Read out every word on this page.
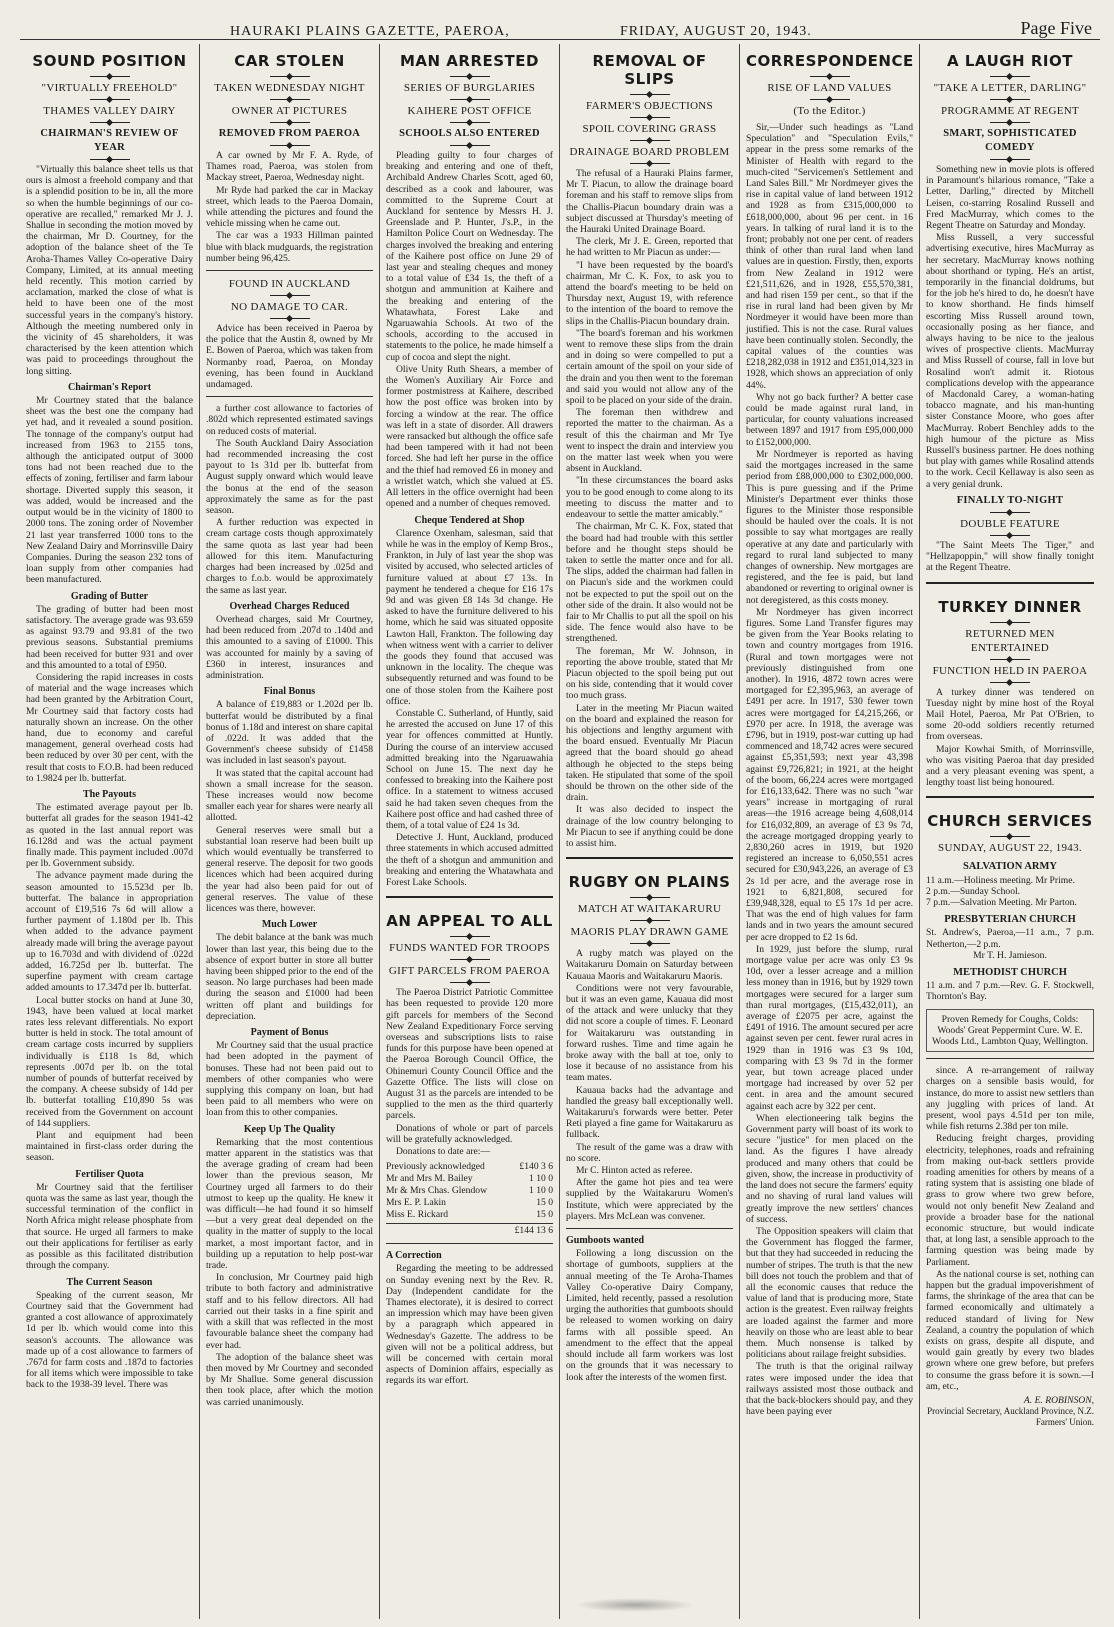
HAURAKI PLAINS GAZETTE, PAEROA,	FRIDAY, AUGUST 20, 1943.	Page Five
SOUND POSITION
"VIRTUALLY FREEHOLD"
THAMES VALLEY DAIRY
CHAIRMAN'S REVIEW OF YEAR

"Virtually this balance sheet tells us that ours is almost a freehold company and that is a splendid position to be in, all the more so when the humble beginnings of our co-operative are recalled," remarked Mr J. J. Shallue in seconding the motion moved by the chairman, Mr D. Courtney, for the adoption of the balance sheet of the Te Aroha-Thames Valley Co-operative Dairy Company, Limited, at its annual meeting held recently. This motion carried by acclamation, marked the close of what is held to have been one of the most successful years in the company's history. Although the meeting numbered only in the vicinity of 45 shareholders, it was characterised by the keen attention which was paid to proceedings throughout the long sitting.

Chairman's Report

Mr Courtney stated that the balance sheet was the best one the company had yet had, and it revealed a sound position. The tonnage of the company's output had increased from 1963 to 2155 tons, although the anticipated output of 3000 tons had not been reached due to the effects of zoning, fertiliser and farm labour shortage. Diverted supply this season, it was added, would be increased and the output would be in the vicinity of 1800 to 2000 tons. The zoning order of November 21 last year transferred 1000 tons to the New Zealand Dairy and Morrinsville Dairy Companies. During the season 232 tons of loan supply from other companies had been manufactured.

Grading of Butter

The grading of butter had been most satisfactory. The average grade was 93.659 as against 93.79 and 93.81 of the two previous seasons. Substantial premiums had been received for butter 931 and over and this amounted to a total of £950.

Considering the rapid increases in costs of material and the wage increases which had been granted by the Arbitration Court, Mr Courtney said that factory costs had naturally shown an increase. On the other hand, due to economy and careful management, general overhead costs had been reduced by over 30 per cent, with the result that costs to F.O.B. had been reduced to 1.9824 per lb. butterfat.

The Payouts

The estimated average payout per lb. butterfat all grades for the season 1941-42 as quoted in the last annual report was 16.128d and was the actual payment finally made. This payment included .007d per lb. Government subsidy.

The advance payment made during the season amounted to 15.523d per lb. butterfat. The balance in appropriation account of £19,516 7s 6d will allow a further payment of 1.180d per lb. This when added to the advance payment already made will bring the average payout up to 16.703d and with dividend of .022d added, 16.725d per lb. butterfat. The superfine payment with cream cartage added amounts to 17.347d per lb. butterfat.

Local butter stocks on hand at June 30, 1943, have been valued at local market rates less relevant differentials. No export butter is held in stock. The total amount of cream cartage costs incurred by suppliers individually is £118 1s 8d, which represents .007d per lb. on the total number of pounds of butterfat received by the company. A cheese subsidy of 14d per lb. butterfat totalling £10,890 5s was received from the Government on account of 144 suppliers.

Plant and equipment had been maintained in first-class order during the season.

Fertiliser Quota

Mr Courtney said that the fertiliser quota was the same as last year, though the successful termination of the conflict in North Africa might release phosphate from that source. He urged all farmers to make out their applications for fertiliser as early as possible as this facilitated distribution through the company.

The Current Season

Speaking of the current season, Mr Courtney said that the Government had granted a cost allowance of approximately 1d per lb. which would come into this season's accounts. The allowance was made up of a cost allowance to farmers of .767d for farm costs and .187d to factories for all items which were impossible to take back to the 1938-39 level. There was

CAR STOLEN
TAKEN WEDNESDAY NIGHT
OWNER AT PICTURES
REMOVED FROM PAEROA

A car owned by Mr F. A. Ryde, of Thames road, Paeroa, was stolen from Mackay street, Paeroa, Wednesday night.

Mr Ryde had parked the car in Mackay street, which leads to the Paeroa Domain, while attending the pictures and found the vehicle missing when he came out.

The car was a 1933 Hillman painted blue with black mudguards, the registration number being 96,425.

FOUND IN AUCKLAND
NO DAMAGE TO CAR.

Advice has been received in Paeroa by the police that the Austin 8, owned by Mr E. Bowen of Paeroa, which was taken from Normanby road, Paeroa, on Monday evening, has been found in Auckland undamaged.

a further cost allowance to factories of .802d which represented estimated savings on reduced costs of material.

The South Auckland Dairy Association had recommended increasing the cost payout to 1s 31d per lb. butterfat from August supply onward which would leave the bonus at the end of the season approximately the same as for the past season.

A further reduction was expected in cream cartage costs though approximately the same quota as last year had been allowed for this item. Manufacturing charges had been increased by .025d and charges to f.o.b. would be approximately the same as last year.

Overhead Charges Reduced

Overhead charges, said Mr Courtney, had been reduced from .207d to .140d and this amounted to a saving of £1000. This was accounted for mainly by a saving of £360 in interest, insurances and administration.

Final Bonus

A balance of £19,883 or 1.202d per lb. butterfat would be distributed by a final bonus of 1.18d and interest on share capital of .022d. It was added that the Government's cheese subsidy of £1458 was included in last season's payout.

It was stated that the capital account had shown a small increase for the season. These increases would now become smaller each year for shares were nearly all allotted.

General reserves were small but a substantial loan reserve had been built up which would eventually be transferred to general reserve. The deposit for two goods licences which had been acquired during the year had also been paid for out of general reserves. The value of these licences was there, however.

Much Lower

The debit balance at the bank was much lower than last year, this being due to the absence of export butter in store all butter having been shipped prior to the end of the season. No large purchases had been made during the season and £1000 had been written off plant and buildings for depreciation.

Payment of Bonus

Mr Courtney said that the usual practice had been adopted in the payment of bonuses. These had not been paid out to members of other companies who were supplying this company on loan, but had been paid to all members who were on loan from this to other companies.

Keep Up The Quality

Remarking that the most contentious matter apparent in the statistics was that the average grading of cream had been lower than the previous season, Mr Courtney urged all farmers to do their utmost to keep up the quality. He knew it was difficult—he had found it so himself—but a very great deal depended on the quality in the matter of supply to the local market, a most important factor, and in building up a reputation to help post-war trade.

In conclusion, Mr Courtney paid high tribute to both factory and administrative staff and to his fellow directors. All had carried out their tasks in a fine spirit and with a skill that was reflected in the most favourable balance sheet the company had ever had.

The adoption of the balance sheet was then moved by Mr Courtney and seconded by Mr Shallue. Some general discussion then took place, after which the motion was carried unanimously.

MAN ARRESTED
SERIES OF BURGLARIES
KAIHERE POST OFFICE
SCHOOLS ALSO ENTERED

Pleading guilty to four charges of breaking and entering and one of theft, Archibald Andrew Charles Scott, aged 60, described as a cook and labourer, was committed to the Supreme Court at Auckland for sentence by Messrs H. J. Greenslade and P. Hunter, J's.P., in the Hamilton Police Court on Wednesday. The charges involved the breaking and entering of the Kaihere post office on June 29 of last year and stealing cheques and money to a total value of £34 1s, the theft of a shotgun and ammunition at Kaihere and the breaking and entering of the Whatawhata, Forest Lake and Ngaruawahia Schools. At two of the schools, according to the accused in statements to the police, he made himself a cup of cocoa and slept the night.

Olive Unity Ruth Shears, a member of the Women's Auxiliary Air Force and former postmistress at Kaihere, described how the post office was broken into by forcing a window at the rear. The office was left in a state of disorder. All drawers were ransacked but although the office safe had been tampered with it had not been forced. She had left her purse in the office and the thief had removed £6 in money and a wristlet watch, which she valued at £5. All letters in the office overnight had been opened and a number of cheques removed.

Cheque Tendered at Shop

Clarence Oxenham, salesman, said that while he was in the employ of Kemp Bros., Frankton, in July of last year the shop was visited by accused, who selected articles of furniture valued at about £7 13s. In payment he tendered a cheque for £16 17s 9d and was given £8 14s 3d change. He asked to have the furniture delivered to his home, which he said was situated opposite Lawton Hall, Frankton. The following day when witness went with a carrier to deliver the goods they found that accused was unknown in the locality. The cheque was subsequently returned and was found to be one of those stolen from the Kaihere post office.

Constable C. Sutherland, of Huntly, said he arrested the accused on June 17 of this year for offences committed at Huntly. During the course of an interview accused admitted breaking into the Ngaruawahia School on June 15. The next day he confessed to breaking into the Kaihere post office. In a statement to witness accused said he had taken seven cheques from the Kaihere post office and had cashed three of them, of a total value of £24 1s 3d.

Detective J. Hunt, Auckland, produced three statements in which accused admitted the theft of a shotgun and ammunition and breaking and entering the Whatawhata and Forest Lake Schools.

AN APPEAL TO ALL
FUNDS WANTED FOR TROOPS
GIFT PARCELS FROM PAEROA

The Paeroa District Patriotic Committee has been requested to provide 120 more gift parcels for members of the Second New Zealand Expeditionary Force serving overseas and subscriptions lists to raise funds for this purpose have been opened at the Paeroa Borough Council Office, the Ohinemuri County Council Office and the Gazette Office. The lists will close on August 31 as the parcels are intended to be supplied to the men as the third quarterly parcels.

Donations of whole or part of parcels will be gratefully acknowledged.

Donations to date are:—

Previously acknowledged	£140 3 6
Mr and Mrs M. Bailey	1 10 0
Mr & Mrs Chas. Glendow	1 10 0
Mrs E. P. Lakin	15 0
Miss E. Rickard	15 0
£144 13 6
A Correction

Regarding the meeting to be addressed on Sunday evening next by the Rev. R. Day (Independent candidate for the Thames electorate), it is desired to correct an impression which may have been given by a paragraph which appeared in Wednesday's Gazette. The address to be given will not be a political address, but will be concerned with certain moral aspects of Dominion affairs, especially as regards its war effort.

REMOVAL OF SLIPS
FARMER'S OBJECTIONS
SPOIL COVERING GRASS
DRAINAGE BOARD PROBLEM

The refusal of a Hauraki Plains farmer, Mr T. Piacun, to allow the drainage board foreman and his staff to remove slips from the Challis-Piacun boundary drain was a subject discussed at Thursday's meeting of the Hauraki United Drainage Board.

The clerk, Mr J. E. Green, reported that he had written to Mr Piacun as under:—

"I have been requested by the board's chairman, Mr C. K. Fox, to ask you to attend the board's meeting to be held on Thursday next, August 19, with reference to the intention of the board to remove the slips in the Challis-Piacun boundary drain.

"The board's foreman and his workmen went to remove these slips from the drain and in doing so were compelled to put a certain amount of the spoil on your side of the drain and you then went to the foreman and said you would not allow any of the spoil to be placed on your side of the drain.

The foreman then withdrew and reported the matter to the chairman. As a result of this the chairman and Mr Tye went to inspect the drain and interview you on the matter last week when you were absent in Auckland.

"In these circumstances the board asks you to be good enough to come along to its meeting to discuss the matter and to endeavour to settle the matter amicably."

The chairman, Mr C. K. Fox, stated that the board had had trouble with this settler before and he thought steps should be taken to settle the matter once and for all. The slips, added the chairman had fallen in on Piacun's side and the workmen could not be expected to put the spoil out on the other side of the drain. It also would not be fair to Mr Challis to put all the spoil on his side. The fence would also have to be strengthened.

The foreman, Mr W. Johnson, in reporting the above trouble, stated that Mr Piacun objected to the spoil being put out on his side, contending that it would cover too much grass.

Later in the meeting Mr Piacun waited on the board and explained the reason for his objections and lengthy argument with the board ensued. Eventually Mr Piacun agreed that the board should go ahead although he objected to the steps being taken. He stipulated that some of the spoil should be thrown on the other side of the drain.

It was also decided to inspect the drainage of the low country belonging to Mr Piacun to see if anything could be done to assist him.

RUGBY ON PLAINS
MATCH AT WAITAKARURU
MAORIS PLAY DRAWN GAME

A rugby match was played on the Waitakaruru Domain on Saturday between Kauaua Maoris and Waitakaruru Maoris.

Conditions were not very favourable, but it was an even game, Kauaua did most of the attack and were unlucky that they did not score a couple of times. F. Leonard for Waitakaruru was outstanding in forward rushes. Time and time again he broke away with the ball at toe, only to lose it because of no assistance from his team mates.

Kauaua backs had the advantage and handled the greasy ball exceptionally well. Waitakaruru's forwards were better. Peter Reti played a fine game for Waitakaruru as fullback.

The result of the game was a draw with no score.

Mr C. Hinton acted as referee.

After the game hot pies and tea were supplied by the Waitakaruru Women's Institute, which were appreciated by the players. Mrs McLean was convener.

Gumboots wanted

Following a long discussion on the shortage of gumboots, suppliers at the annual meeting of the Te Aroha-Thames Valley Co-operative Dairy Company, Limited, held recently, passed a resolution urging the authorities that gumboots should be released to women working on dairy farms with all possible speed. An amendment to the effect that the appeal should include all farm workers was lost on the grounds that it was necessary to look after the interests of the women first.

CORRESPONDENCE
RISE OF LAND VALUES
(To the Editor.)

Sir,—Under such headings as "Land Speculation" and "Speculation Evils," appear in the press some remarks of the Minister of Health with regard to the much-cited "Servicemen's Settlement and Land Sales Bill." Mr Nordmeyer gives the rise in capital value of land between 1912 and 1928 as from £315,000,000 to £618,000,000, about 96 per cent. in 16 years. In talking of rural land it is to the front; probably not one per cent. of readers think of other than rural land when land values are in question. Firstly, then, exports from New Zealand in 1912 were £21,511,626, and in 1928, £55,570,381, and had risen 159 per cent., so that if the rise in rural land had been given by Mr Nordmeyer it would have been more than justified. This is not the case. Rural values have been continually stolen. Secondly, the capital values of the counties was £218,282,038 in 1912 and £351,014,323 in 1928, which shows an appreciation of only 44%.

Why not go back further? A better case could be made against rural land, in particular, for county valuations increased between 1897 and 1917 from £95,000,000 to £152,000,000.

Mr Nordmeyer is reported as having said the mortgages increased in the same period from £88,000,000 to £302,000,000. This is pure guessing and if the Prime Minister's Department ever thinks those figures to the Minister those responsible should be hauled over the coals. It is not possible to say what mortgages are really operative at any date and particularly with regard to rural land subjected to many changes of ownership. New mortgages are registered, and the fee is paid, but land abandoned or reverting to original owner is not deregistered, as this costs money.

Mr Nordmeyer has given incorrect figures. Some Land Transfer figures may be given from the Year Books relating to town and country mortgages from 1916. (Rural and town mortgages were not previously distinguished from one another). In 1916, 4872 town acres were mortgaged for £2,395,963, an average of £491 per acre. In 1917, 530 fewer town acres were mortgaged for £4,215,266, or £970 per acre. In 1918, the average was £796, but in 1919, post-war cutting up had commenced and 18,742 acres were secured against £5,351,593; next year 43,398 against £9,726,821; in 1921, at the height of the boom, 66,224 acres were mortgaged for £16,133,642. There was no such "war years" increase in mortgaging of rural areas—the 1916 acreage being 4,608,014 for £16,032,809, an average of £3 9s 7d, the acreage mortgaged dropping yearly to 2,830,260 acres in 1919, but 1920 registered an increase to 6,050,551 acres secured for £30,943,226, an average of £3 2s 1d per acre, and the average rose in 1921 to 6,821,808, secured for £39,948,328, equal to £5 17s 1d per acre. That was the end of high values for farm lands and in two years the amount secured per acre dropped to £2 1s 6d.

In 1929, just before the slump, rural mortgage value per acre was only £3 9s 10d, over a lesser acreage and a million less money than in 1916, but by 1929 town mortgages were secured for a larger sum than rural mortgages, (£15,432,011), an average of £2075 per acre, against the £491 of 1916. The amount secured per acre against seven per cent. fewer rural acres in 1929 than in 1916 was £3 9s 10d, comparing with £3 9s 7d in the former year, but town acreage placed under mortgage had increased by over 52 per cent. in area and the amount secured against each acre by 322 per cent.

When electioneering talk begins the Government party will boast of its work to secure "justice" for men placed on the land. As the figures I have already produced and many others that could be given, show, the increase in productivity of the land does not secure the farmers' equity and no shaving of rural land values will greatly improve the new settlers' chances of success.

The Opposition speakers will claim that the Government has flogged the farmer, but that they had succeeded in reducing the number of stripes. The truth is that the new bill does not touch the problem and that of all the economic causes that reduce the value of land that is producing more, State action is the greatest. Even railway freights are loaded against the farmer and more heavily on those who are least able to bear them. Much nonsense is talked by politicians about railage freight subsidies.

The truth is that the original railway rates were imposed under the idea that railways assisted most those outback and that the back-blockers should pay, and they have been paying ever

A LAUGH RIOT
"TAKE A LETTER, DARLING"
PROGRAMME AT REGENT
SMART, SOPHISTICATED COMEDY

Something new in movie plots is offered in Paramount's hilarious romance, "Take a Letter, Darling," directed by Mitchell Leisen, co-starring Rosalind Russell and Fred MacMurray, which comes to the Regent Theatre on Saturday and Monday.

Miss Russell, a very successful advertising executive, hires MacMurray as her secretary. MacMurray knows nothing about shorthand or typing. He's an artist, temporarily in the financial doldrums, but for the job he's hired to do, he doesn't have to know shorthand. He finds himself escorting Miss Russell around town, occasionally posing as her fiance, and always having to be nice to the jealous wives of prospective clients. MacMurray and Miss Russell of course, fall in love but Rosalind won't admit it. Riotous complications develop with the appearance of Macdonald Carey, a woman-hating tobacco magnate, and his man-hunting sister Constance Moore, who goes after MacMurray. Robert Benchley adds to the high humour of the picture as Miss Russell's business partner. He does nothing but play with games while Rosalind attends to the work. Cecil Kellaway is also seen as a very genial drunk.

FINALLY TO-NIGHT
DOUBLE FEATURE

"The Saint Meets The Tiger," and "Hellzapoppin," will show finally tonight at the Regent Theatre.

TURKEY DINNER
RETURNED MEN ENTERTAINED
FUNCTION HELD IN PAEROA

A turkey dinner was tendered on Tuesday night by mine host of the Royal Mail Hotel, Paeroa, Mr Pat O'Brien, to some 20-odd soldiers recently returned from overseas.

Major Kowhai Smith, of Morrinsville, who was visiting Paeroa that day presided and a very pleasant evening was spent, a lengthy toast list being honoured.

CHURCH SERVICES
SUNDAY, AUGUST 22, 1943.
SALVATION ARMY

11 a.m.—Holiness meeting. Mr Prime.

2 p.m.—Sunday School.

7 p.m.—Salvation Meeting. Mr Parton.

PRESBYTERIAN CHURCH

St. Andrew's, Paeroa,—11 a.m., 7 p.m. Netherton,—2 p.m.

Mr T. H. Jamieson.

METHODIST CHURCH

11 a.m. and 7 p.m.—Rev. G. F. Stockwell, Thornton's Bay.

Proven Remedy for Coughs, Colds: Woods' Great Peppermint Cure. W. E. Woods Ltd., Lambton Quay, Wellington.

since. A re-arrangement of railway charges on a sensible basis would, for instance, do more to assist new settlers than any juggling with prices of land. At present, wool pays 4.51d per ton mile, while fish returns 2.38d per ton mile.

Reducing freight charges, providing electricity, telephones, roads and refraining from making out-back settlers provide roading amenities for others by means of a rating system that is assisting one blade of grass to grow where two grew before, would not only benefit New Zealand and provide a broader base for the national economic structure, but would indicate that, at long last, a sensible approach to the farming question was being made by Parliament.

As the national course is set, nothing can happen but the gradual impoverishment of farms, the shrinkage of the area that can be farmed economically and ultimately a reduced standard of living for New Zealand, a country the population of which exists on grass, despite all dispute, and would gain greatly by every two blades grown where one grew before, but prefers to consume the grass before it is sown.—I am, etc.,

A. E. ROBINSON,
Provincial Secretary, Auckland Province, N.Z. Farmers' Union.
